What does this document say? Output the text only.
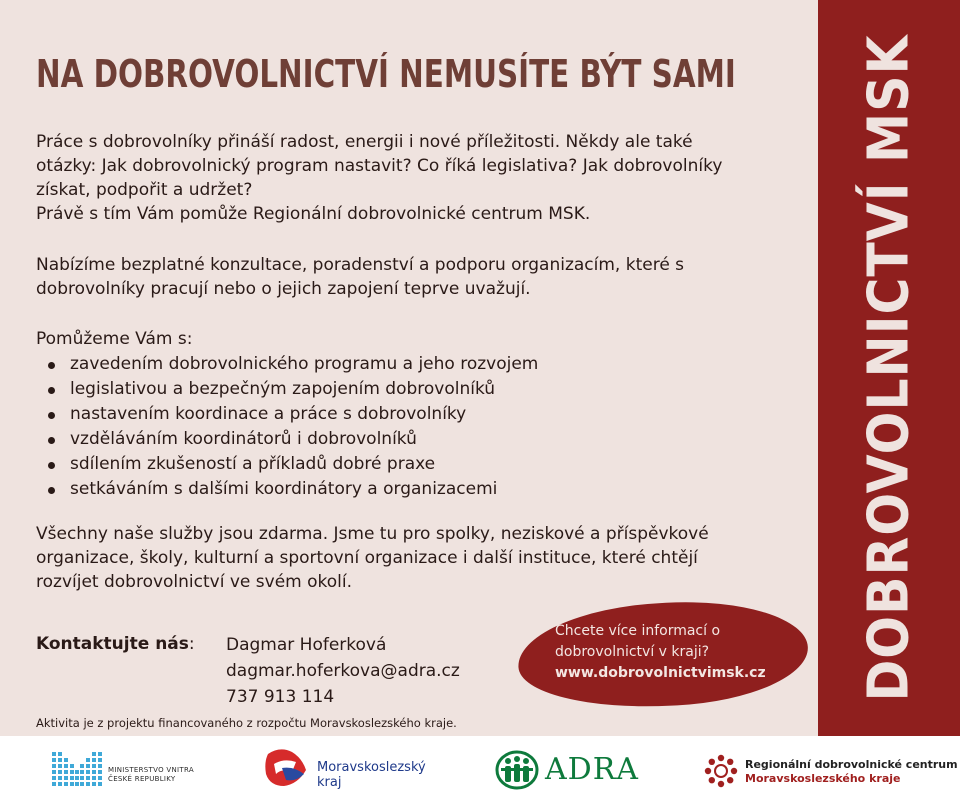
DOBROVOLNICTVÍ MSK
NA DOBROVOLNICTVÍ NEMUSÍTE BÝT SAMI
Práce s dobrovolníky přináší radost, energii i nové příležitosti. Někdy ale také
otázky: Jak dobrovolnický program nastavit? Co říká legislativa? Jak dobrovolníky
získat, podpořit a udržet?
Právě s tím Vám pomůže Regionální dobrovolnické centrum MSK.
Nabízíme bezplatné konzultace, poradenství a podporu organizacím, které s
dobrovolníky pracují nebo o jejich zapojení teprve uvažují.
Pomůžeme Vám s:
zavedením dobrovolnického programu a jeho rozvojem
legislativou a bezpečným zapojením dobrovolníků
nastavením koordinace a práce s dobrovolníky
vzděláváním koordinátorů i dobrovolníků
sdílením zkušeností a příkladů dobré praxe
setkáváním s dalšími koordinátory a organizacemi
Všechny naše služby jsou zdarma. Jsme tu pro spolky, neziskové a příspěvkové
organizace, školy, kulturní a sportovní organizace i další instituce, které chtějí
rozvíjet dobrovolnictví ve svém okolí.
Kontaktujte nás: Dagmar Hoferková
dagmar.hoferkova@adra.cz
737 913 114
Chcete více informací o
dobrovolnictví v kraji?
www.dobrovolnictvimsk.cz
Aktivita je z projektu financovaného z rozpočtu Moravskoslezského kraje.
MINISTERSTVO VNITRA
ČESKÉ REPUBLIKY
Moravskoslezský
kraj	ADRA	Regionální dobrovolnické centrum
Moravskoslezského kraje
